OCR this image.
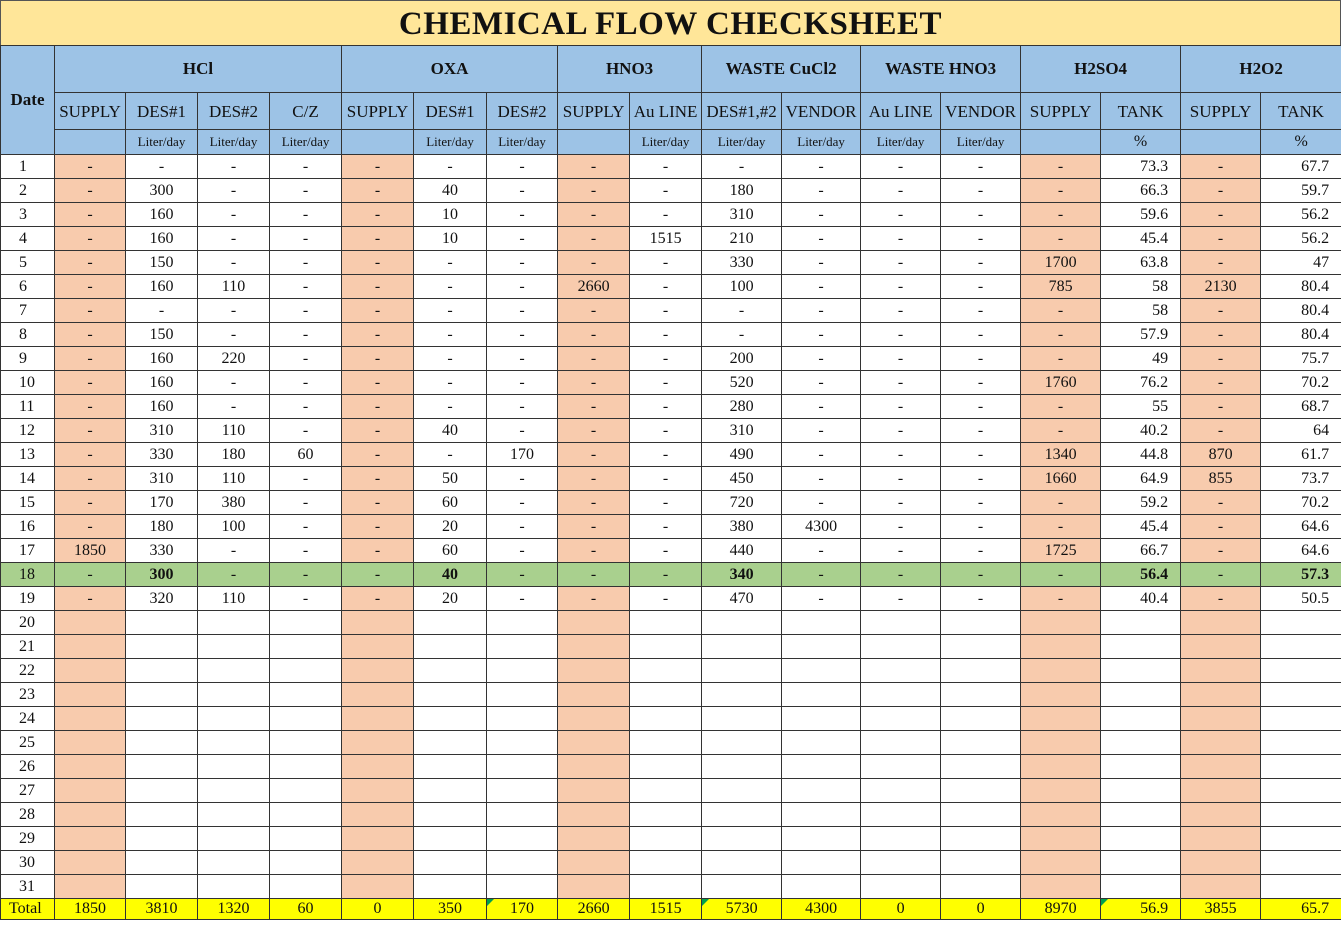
CHEMICAL FLOW CHECKSHEET
Date	HCl				OXA			HNO3		WASTE CuCl2		WASTE HNO3		H2SO4		H2O2	
	SUPPLY	DES#1	DES#2	C/Z	SUPPLY	DES#1	DES#2	SUPPLY	Au LINE	DES#1,#2	VENDOR	Au LINE	VENDOR	SUPPLY	TANK	SUPPLY	TANK
		Liter/day	Liter/day	Liter/day		Liter/day	Liter/day		Liter/day	Liter/day	Liter/day	Liter/day	Liter/day		%		%
1	-	-	-	-	-	-	-	-	-	-	-	-	-	-	73.3	-	67.7
2	-	300	-	-	-	40	-	-	-	180	-	-	-	-	66.3	-	59.7
3	-	160	-	-	-	10	-	-	-	310	-	-	-	-	59.6	-	56.2
4	-	160	-	-	-	10	-	-	1515	210	-	-	-	-	45.4	-	56.2
5	-	150	-	-	-	-	-	-	-	330	-	-	-	1700	63.8	-	47
6	-	160	110	-	-	-	-	2660	-	100	-	-	-	785	58	2130	80.4
7	-	-	-	-	-	-	-	-	-	-	-	-	-	-	58	-	80.4
8	-	150	-	-	-	-	-	-	-	-	-	-	-	-	57.9	-	80.4
9	-	160	220	-	-	-	-	-	-	200	-	-	-	-	49	-	75.7
10	-	160	-	-	-	-	-	-	-	520	-	-	-	1760	76.2	-	70.2
11	-	160	-	-	-	-	-	-	-	280	-	-	-	-	55	-	68.7
12	-	310	110	-	-	40	-	-	-	310	-	-	-	-	40.2	-	64
13	-	330	180	60	-	-	170	-	-	490	-	-	-	1340	44.8	870	61.7
14	-	310	110	-	-	50	-	-	-	450	-	-	-	1660	64.9	855	73.7
15	-	170	380	-	-	60	-	-	-	720	-	-	-	-	59.2	-	70.2
16	-	180	100	-	-	20	-	-	-	380	4300	-	-	-	45.4	-	64.6
17	1850	330	-	-	-	60	-	-	-	440	-	-	-	1725	66.7	-	64.6
18	-	300	-	-	-	40	-	-	-	340	-	-	-	-	56.4	-	57.3
19	-	320	110	-	-	20	-	-	-	470	-	-	-	-	40.4	-	50.5
20																	
21																	
22																	
23																	
24																	
25																	
26																	
27																	
28																	
29																	
30																	
31																	
Total	1850	3810	1320	60	0	350	170	2660	1515	5730	4300	0	0	8970	56.9	3855	65.7
